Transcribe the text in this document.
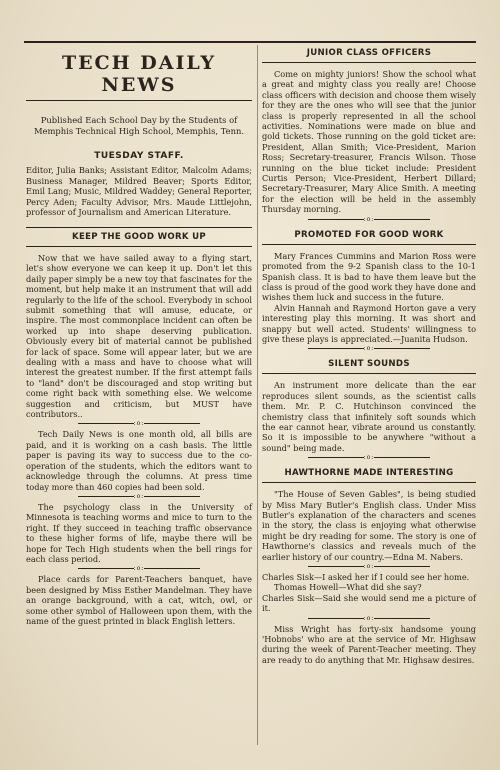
TECH DAILY NEWS
Published Each School Day by the Students of Memphis Technical High School, Memphis, Tenn.
TUESDAY STAFF.

Editor, Julia Banks; Assistant Editor, Malcolm Adams; Business Manager, Mildred Beaver; Sports Editor, Emil Lang; Music, Mildred Waddey; General Reporter, Percy Aden; Faculty Advisor, Mrs. Maude Littlejohn, professor of Journalism and American Literature.

KEEP THE GOOD WORK UP

Now that we have sailed away to a flying start, let's show everyone we can keep it up. Don't let this daily paper simply be a new toy that fascinates for the moment, but help make it an instrument that will add regularly to the life of the school. Everybody in school submit something that will amuse, educate, or inspire. The most commonplace incident can often be worked up into shape deserving publication. Obviously every bit of material cannot be published for lack of space. Some will appear later, but we are dealing with a mass and have to choose what will interest the greatest number. If the first attempt fails to "land" don't be discouraged and stop writing but come right back with something else. We welcome suggestion and criticism, but MUST have contributors..

:o:

Tech Daily News is one month old, all bills are paid, and it is working on a cash basis. The little paper is paving its way to success due to the co-operation of the students, which the editors want to acknowledge through the columns. At press time today more than 460 copies had been sold.

:o:

The psychology class in the University of Minnesota is teaching worms and mice to turn to the right. If they succeed in teaching traffic observance to these higher forms of life, maybe there will be hope for Tech High students when the bell rings for each class period.

:o:

Place cards for Parent-Teachers banquet, have been designed by Miss Esther Mandelman. They have an orange background, with a cat, witch, owl, or some other symbol of Halloween upon them, with the name of the guest printed in black English letters.

JUNIOR CLASS OFFICERS

Come on mighty juniors! Show the school what a great and mighty class you really are! Choose class officers with decision and choose them wisely for they are the ones who will see that the junior class is properly represented in all the school activities. Nominations were made on blue and gold tickets. Those running on the gold ticket are: President, Allan Smith; Vice-President, Marion Ross; Secretary-treasurer, Francis Wilson. Those running on the blue ticket include: President Curtis Person; Vice-President, Herbert Dillard; Secretary-Treasurer, Mary Alice Smith. A meeting for the election will be held in the assembly Thursday morning.

:o:
PROMOTED FOR GOOD WORK

Mary Frances Cummins and Marion Ross were promoted from the 9-2 Spanish class to the 10-1 Spanish class. It is bad to have them leave but the class is proud of the good work they have done and wishes them luck and success in the future.

Alvin Hannah and Raymond Horton gave a very interesting play this morning. It was short and snappy but well acted. Students' willingness to give these plays is appreciated.—Juanita Hudson.

:o:
SILENT SOUNDS

An instrument more delicate than the ear reproduces silent sounds, as the scientist calls them. Mr. P. C. Hutchinson convinced the chemistry class that infinitely soft sounds which the ear cannot hear, vibrate around us constantly. So it is impossible to be anywhere "without a sound" being made.

:o:
HAWTHORNE MADE INTERESTING

"The House of Seven Gables", is being studied by Miss Mary Butler's English class. Under Miss Butler's explanation of the characters and scenes in the story, the class is enjoying what otherwise might be dry reading for some. The story is one of Hawthorne's classics and reveals much of the earlier history of our country.—Edna M. Nabers.

:o:

Charles Sisk—I asked her if I could see her home.

Thomas Howell—What did she say?

Charles Sisk—Said she would send me a picture of it.

:o:

Miss Wright has forty-six handsome young 'Hobnobs' who are at the service of Mr. Highsaw during the week of Parent-Teacher meeting. They are ready to do anything that Mr. Highsaw desires.
